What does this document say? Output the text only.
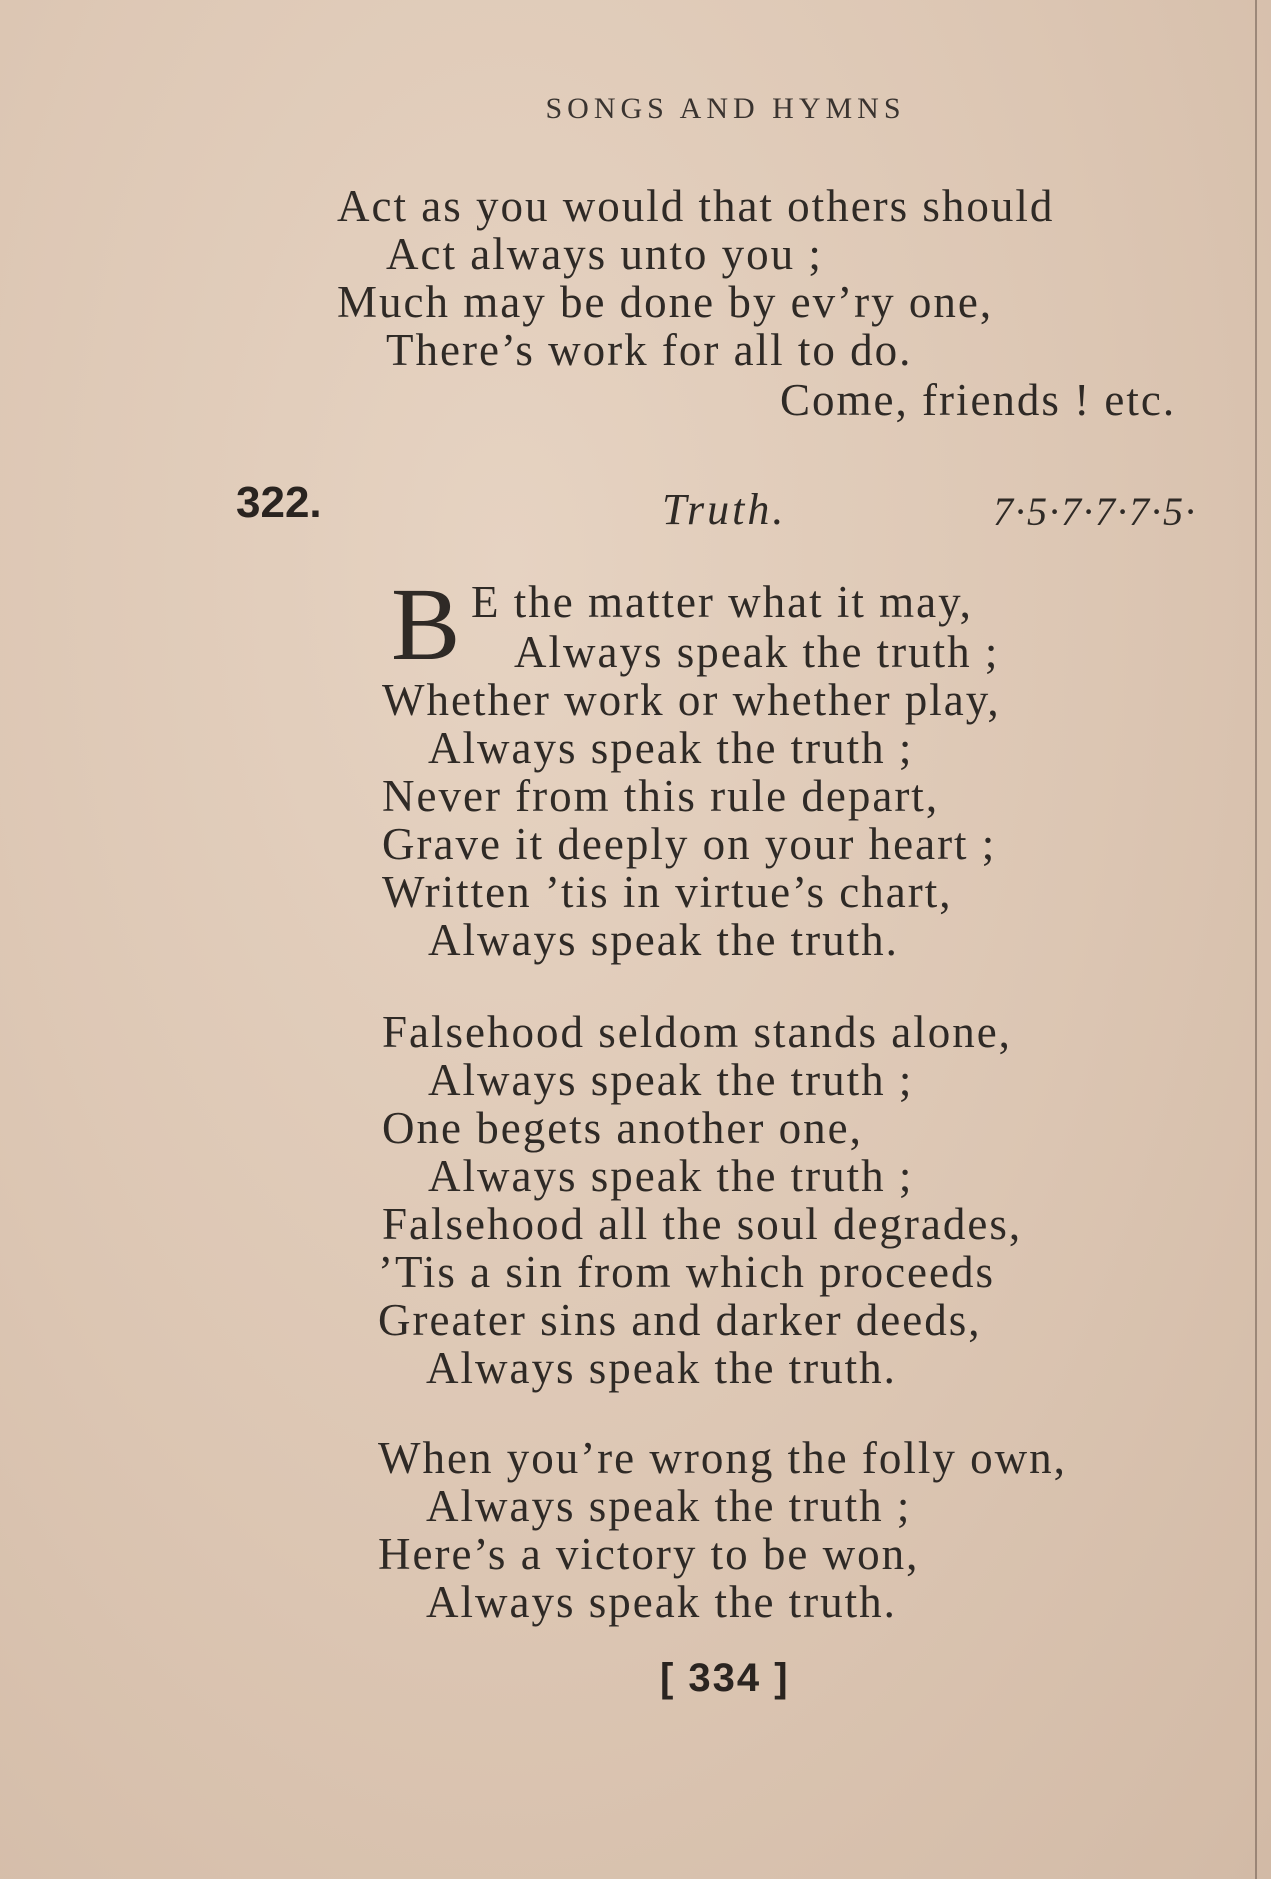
SONGS AND HYMNS
Act as you would that others should
Act always unto you ;
Much may be done by ev’ry one,
There’s work for all to do.
Come, friends ! etc.
322.	Truth.	7·5·7·7·7·5·
B E the matter what it may,
Always speak the truth ;
Whether work or whether play,
Always speak the truth ;
Never from this rule depart,
Grave it deeply on your heart ;
Written ’tis in virtue’s chart,
Always speak the truth.
Falsehood seldom stands alone,
Always speak the truth ;
One begets another one,
Always speak the truth ;
Falsehood all the soul degrades,
’Tis a sin from which proceeds
Greater sins and darker deeds,
Always speak the truth.
When you’re wrong the folly own,
Always speak the truth ;
Here’s a victory to be won,
Always speak the truth.
[ 334 ]
